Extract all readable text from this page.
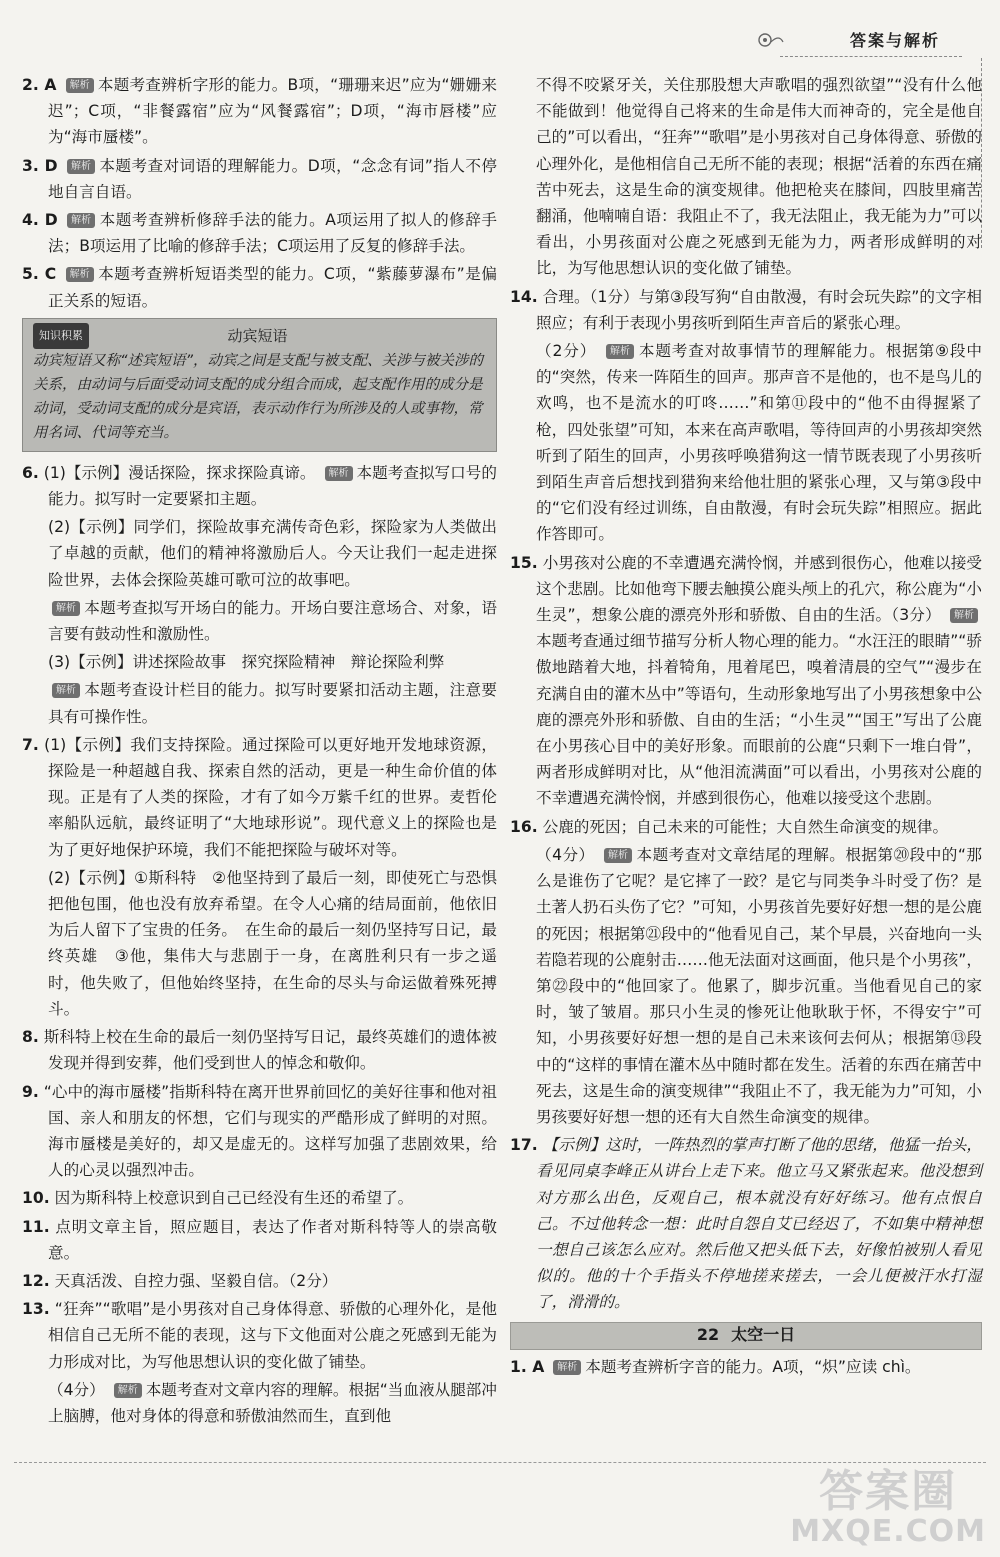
答案与解析
2. A 解析 本题考查辨析字形的能力。B项，“珊珊来迟”应为“姗姗来迟”；C项，“非餐露宿”应为“风餐露宿”；D项，“海市唇楼”应为“海市蜃楼”。
3. D 解析 本题考查对词语的理解能力。D项，“念念有词”指人不停地自言自语。
4. D 解析 本题考查辨析修辞手法的能力。A项运用了拟人的修辞手法；B项运用了比喻的修辞手法；C项运用了反复的修辞手法。
5. C 解析 本题考查辨析短语类型的能力。C项，“紫藤萝瀑布”是偏正关系的短语。
知识积累	动宾短语
动宾短语又称“述宾短语”，动宾之间是支配与被支配、关涉与被关涉的关系，由动词与后面受动词支配的成分组合而成，起支配作用的成分是动词，受动词支配的成分是宾语，表示动作行为所涉及的人或事物，常用名词、代词等充当。
6. (1)【示例】漫话探险，探求探险真谛。 解析 本题考查拟写口号的能力。拟写时一定要紧扣主题。
(2)【示例】同学们，探险故事充满传奇色彩，探险家为人类做出了卓越的贡献，他们的精神将激励后人。今天让我们一起走进探险世界，去体会探险英雄可歌可泣的故事吧。
解析 本题考查拟写开场白的能力。开场白要注意场合、对象，语言要有鼓动性和激励性。
(3)【示例】讲述探险故事　探究探险精神　辩论探险利弊
解析 本题考查设计栏目的能力。拟写时要紧扣活动主题，注意要具有可操作性。
7. (1)【示例】我们支持探险。通过探险可以更好地开发地球资源，探险是一种超越自我、探索自然的活动，更是一种生命价值的体现。正是有了人类的探险，才有了如今万紫千红的世界。麦哲伦率船队远航，最终证明了“大地球形说”。现代意义上的探险也是为了更好地保护环境，我们不能把探险与破坏对等。
(2)【示例】①斯科特　②他坚持到了最后一刻，即使死亡与恐惧把他包围，他也没有放弃希望。在令人心痛的结局面前，他依旧为后人留下了宝贵的任务。　在生命的最后一刻仍坚持写日记，最终英雄　③他，集伟大与悲剧于一身，在离胜利只有一步之遥时，他失败了，但他始终坚持，在生命的尽头与命运做着殊死搏斗。
8. 斯科特上校在生命的最后一刻仍坚持写日记，最终英雄们的遗体被发现并得到安葬，他们受到世人的悼念和敬仰。
9. “心中的海市蜃楼”指斯科特在离开世界前回忆的美好往事和他对祖国、亲人和朋友的怀想，它们与现实的严酷形成了鲜明的对照。海市蜃楼是美好的，却又是虚无的。这样写加强了悲剧效果，给人的心灵以强烈冲击。
10. 因为斯科特上校意识到自己已经没有生还的希望了。
11. 点明文章主旨，照应题目，表达了作者对斯科特等人的崇高敬意。
12. 天真活泼、自控力强、坚毅自信。（2分）
13. “狂奔”“歌唱”是小男孩对自己身体得意、骄傲的心理外化，是他相信自己无所不能的表现，这与下文他面对公鹿之死感到无能为力形成对比，为写他思想认识的变化做了铺垫。
（4分） 解析 本题考查对文章内容的理解。根据“当血液从腿部冲上脑膊，他对身体的得意和骄傲油然而生，直到他
不得不咬紧牙关，关住那股想大声歌唱的强烈欲望”“没有什么他不能做到！他觉得自己将来的生命是伟大而神奇的，完全是他自己的”可以看出，“狂奔”“歌唱”是小男孩对自己身体得意、骄傲的心理外化，是他相信自己无所不能的表现；根据“活着的东西在痛苦中死去，这是生命的演变规律。他把枪夹在膝间，四肢里痛苦翻涌，他喃喃自语：我阻止不了，我无法阻止，我无能为力”可以看出，小男孩面对公鹿之死感到无能为力，两者形成鲜明的对比，为写他思想认识的变化做了铺垫。
14. 合理。（1分）与第③段写狗“自由散漫，有时会玩失踪”的文字相照应；有利于表现小男孩听到陌生声音后的紧张心理。
（2分） 解析 本题考查对故事情节的理解能力。根据第⑨段中的“突然，传来一阵陌生的回声。那声音不是他的，也不是鸟儿的欢鸣，也不是流水的叮咚……”和第⑪段中的“他不由得握紧了枪，四处张望”可知，本来在高声歌唱，等待回声的小男孩却突然听到了陌生的回声，小男孩呼唤猎狗这一情节既表现了小男孩听到陌生声音后想找到猎狗来给他壮胆的紧张心理，又与第③段中的“它们没有经过训练，自由散漫，有时会玩失踪”相照应。据此作答即可。
15. 小男孩对公鹿的不幸遭遇充满怜悯，并感到很伤心，他难以接受这个悲剧。比如他弯下腰去触摸公鹿头颅上的孔穴，称公鹿为“小生灵”，想象公鹿的漂亮外形和骄傲、自由的生活。（3分） 解析本题考查通过细节描写分析人物心理的能力。“水汪汪的眼睛”“骄傲地踏着大地，抖着犄角，甩着尾巴，嗅着清晨的空气”“漫步在充满自由的灌木丛中”等语句，生动形象地写出了小男孩想象中公鹿的漂亮外形和骄傲、自由的生活；“小生灵”“国王”写出了公鹿在小男孩心目中的美好形象。而眼前的公鹿“只剩下一堆白骨”，两者形成鲜明对比，从“他泪流满面”可以看出，小男孩对公鹿的不幸遭遇充满怜悯，并感到很伤心，他难以接受这个悲剧。
16. 公鹿的死因；自己未来的可能性；大自然生命演变的规律。
（4分） 解析 本题考查对文章结尾的理解。根据第⑳段中的“那么是谁伤了它呢？是它摔了一跤？是它与同类争斗时受了伤？是土著人扔石头伤了它？”可知，小男孩首先要好好想一想的是公鹿的死因；根据第㉑段中的“他看见自己，某个早晨，兴奋地向一头若隐若现的公鹿射击……他无法面对这画面，他只是个小男孩”，第㉒段中的“他回家了。他累了，脚步沉重。当他看见自己的家时，皱了皱眉。那只小生灵的惨死让他耿耿于怀，不得安宁”可知，小男孩要好好想一想的是自己未来该何去何从；根据第⑬段中的“这样的事情在灌木丛中随时都在发生。活着的东西在痛苦中死去，这是生命的演变规律”“我阻止不了，我无能为力”可知，小男孩要好好想一想的还有大自然生命演变的规律。
17. 【示例】这时，一阵热烈的掌声打断了他的思绪，他猛一抬头，看见同桌李峰正从讲台上走下来。他立马又紧张起来。他没想到对方那么出色，反观自己，根本就没有好好练习。他有点恨自己。不过他转念一想：此时自怨自艾已经迟了，不如集中精神想一想自己该怎么应对。然后他又把头低下去，好像怕被别人看见似的。他的十个手指头不停地搓来搓去，一会儿便被汗水打湿了，滑滑的。
22 太空一日
1. A 解析 本题考查辨析字音的能力。A项，“炽”应读 chì。
答案圈
MXQE.COM
